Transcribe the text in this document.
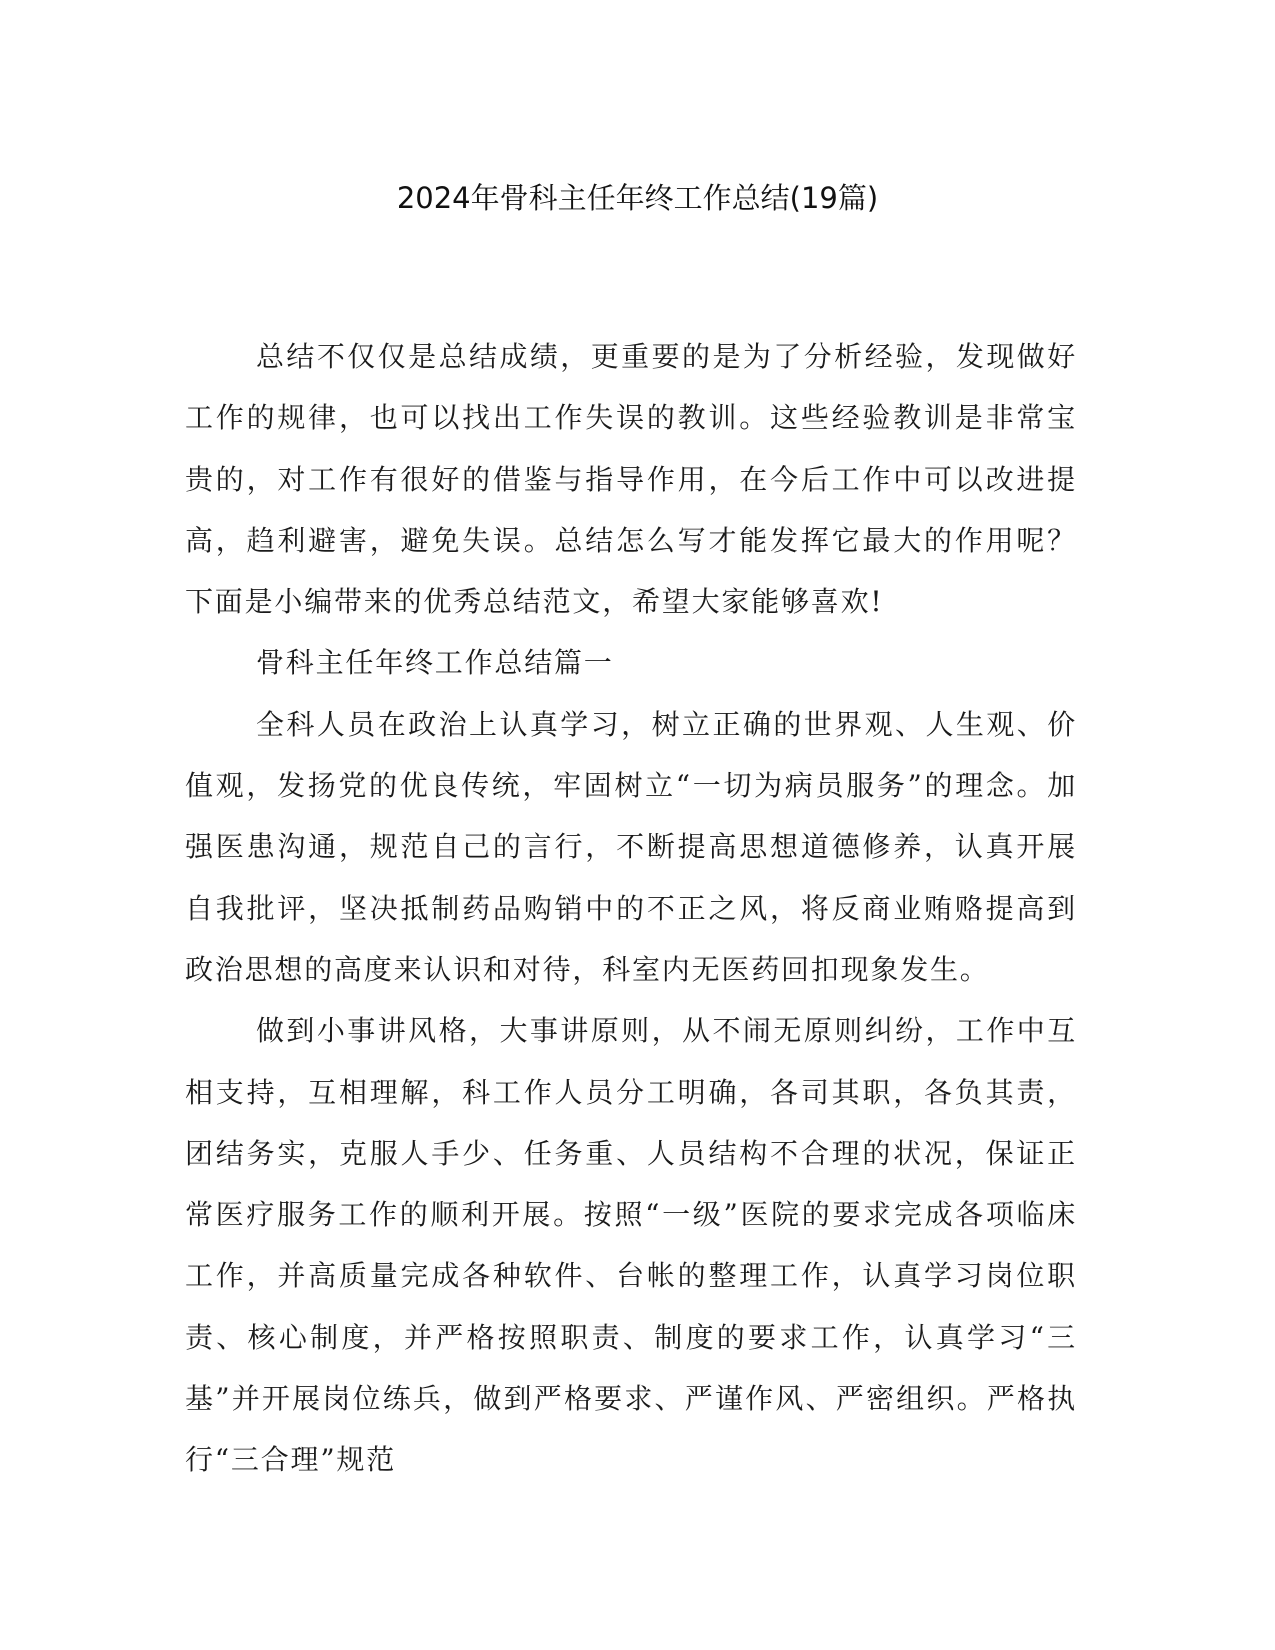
2024年骨科主任年终工作总结(19篇)

总结不仅仅是总结成绩，更重要的是为了分析经验，发现做好工作的规律，也可以找出工作失误的教训。这些经验教训是非常宝贵的，对工作有很好的借鉴与指导作用，在今后工作中可以改进提高，趋利避害，避免失误。总结怎么写才能发挥它最大的作用呢？下面是小编带来的优秀总结范文，希望大家能够喜欢!

骨科主任年终工作总结篇一

全科人员在政治上认真学习，树立正确的世界观、人生观、价值观，发扬党的优良传统，牢固树立“一切为病员服务”的理念。加强医患沟通，规范自己的言行，不断提高思想道德修养，认真开展自我批评，坚决抵制药品购销中的不正之风，将反商业贿赂提高到政治思想的高度来认识和对待，科室内无医药回扣现象发生。

做到小事讲风格，大事讲原则，从不闹无原则纠纷，工作中互相支持，互相理解，科工作人员分工明确，各司其职，各负其责，团结务实，克服人手少、任务重、人员结构不合理的状况，保证正常医疗服务工作的顺利开展。按照“一级”医院的要求完成各项临床工作，并高质量完成各种软件、台帐的整理工作，认真学习岗位职责、核心制度，并严格按照职责、制度的要求工作，认真学习“三基”并开展岗位练兵，做到严格要求、严谨作风、严密组织。严格执行“三合理”规范
